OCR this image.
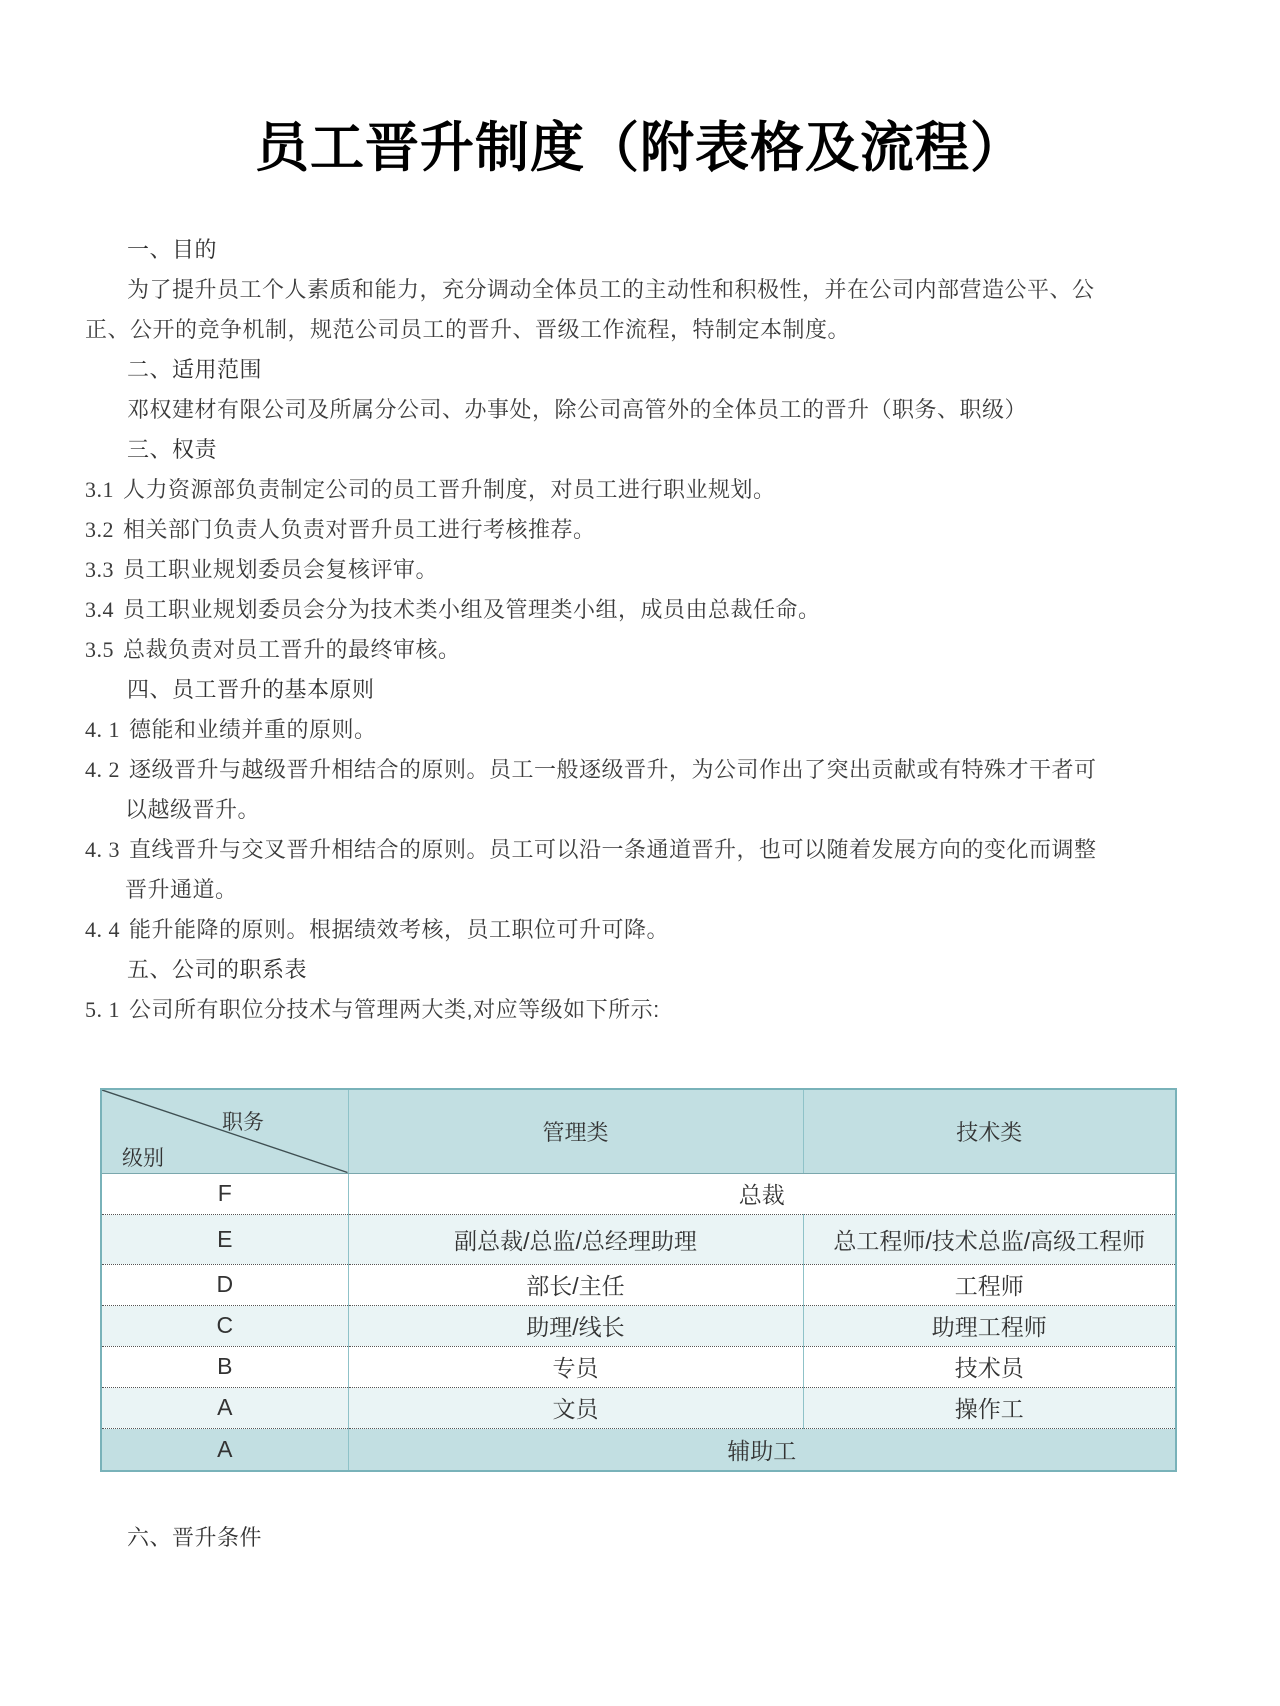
员工晋升制度（附表格及流程）
一、目的
为了提升员工个人素质和能力，充分调动全体员工的主动性和积极性，并在公司内部营造公平、公
正、公开的竞争机制，规范公司员工的晋升、晋级工作流程，特制定本制度。
二、适用范围
邓权建材有限公司及所属分公司、办事处，除公司高管外的全体员工的晋升（职务、职级）
三、权责
3.1 人力资源部负责制定公司的员工晋升制度，对员工进行职业规划。
3.2 相关部门负责人负责对晋升员工进行考核推荐。
3.3 员工职业规划委员会复核评审。
3.4 员工职业规划委员会分为技术类小组及管理类小组，成员由总裁任命。
3.5 总裁负责对员工晋升的最终审核。
四、员工晋升的基本原则
4. 1 德能和业绩并重的原则。
4. 2 逐级晋升与越级晋升相结合的原则。员工一般逐级晋升，为公司作出了突出贡献或有特殊才干者可
以越级晋升。
4. 3 直线晋升与交叉晋升相结合的原则。员工可以沿一条通道晋升，也可以随着发展方向的变化而调整
晋升通道。
4. 4 能升能降的原则。根据绩效考核，员工职位可升可降。
五、公司的职系表
5. 1 公司所有职位分技术与管理两大类,对应等级如下所示:
职务
级别	管理类	技术类
F	总裁	
E	副总裁/总监/总经理助理	总工程师/技术总监/高级工程师
D	部长/主任	工程师
C	助理/线长	助理工程师
B	专员	技术员
A	文员	操作工
A	辅助工	
六、晋升条件
